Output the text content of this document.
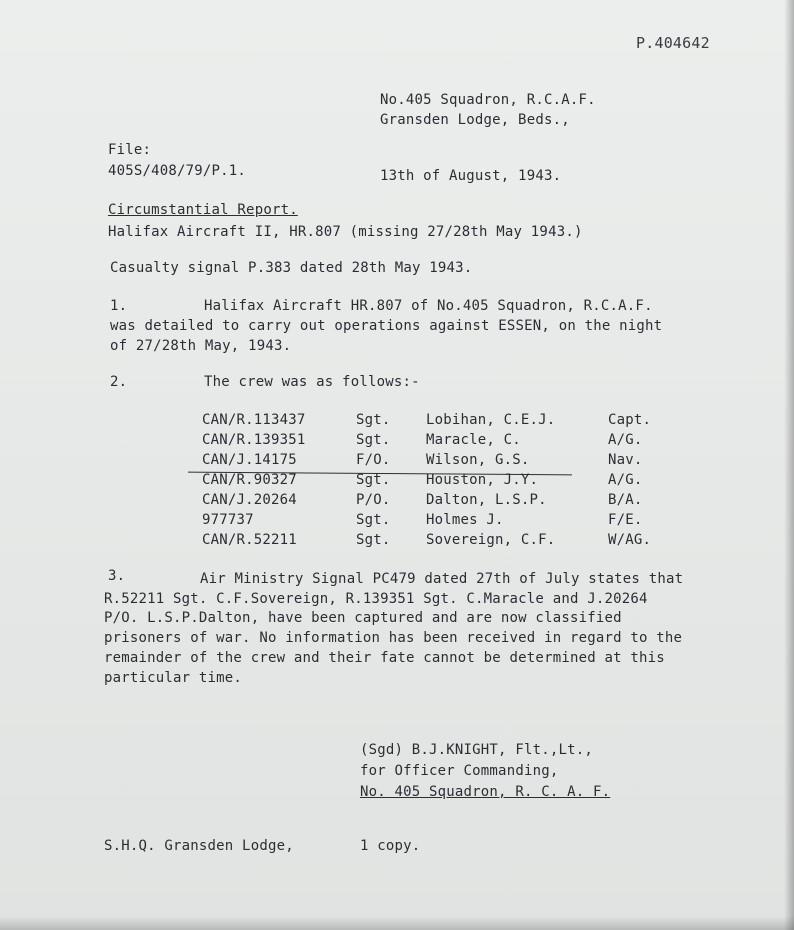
P.404642
No.405 Squadron, R.C.A.F.
Gransden Lodge, Beds.,
File:
405S/408/79/P.1.	13th of August, 1943.
Circumstantial Report.
Halifax Aircraft II, HR.807 (missing 27/28th May 1943.)
Casualty signal P.383 dated 28th May 1943.
1.	Halifax Aircraft HR.807 of No.405 Squadron, R.C.A.F.
was detailed to carry out operations against ESSEN, on the night
of 27/28th May, 1943.
2.	The crew was as follows:-
CAN/R.113437	Sgt.	Lobihan, C.E.J.	Capt.
CAN/R.139351	Sgt.	Maracle, C.	A/G.
CAN/J.14175	F/O.	Wilson, G.S.	Nav.
CAN/R.90327	Sgt.	Houston, J.Y.	A/G.
CAN/J.20264	P/O.	Dalton, L.S.P.	B/A.
977737	Sgt.	Holmes J.	F/E.
CAN/R.52211	Sgt.	Sovereign, C.F.	W/AG.
3.	Air Ministry Signal PC479 dated 27th of July states that
R.52211 Sgt. C.F.Sovereign, R.139351 Sgt. C.Maracle and J.20264
P/O. L.S.P.Dalton, have been captured and are now classified
prisoners of war. No information has been received in regard to the
remainder of the crew and their fate cannot be determined at this
particular time.
(Sgd) B.J.KNIGHT, Flt.,Lt.,
for Officer Commanding,
No. 405 Squadron, R. C. A. F.
S.H.Q. Gransden Lodge,	1 copy.
